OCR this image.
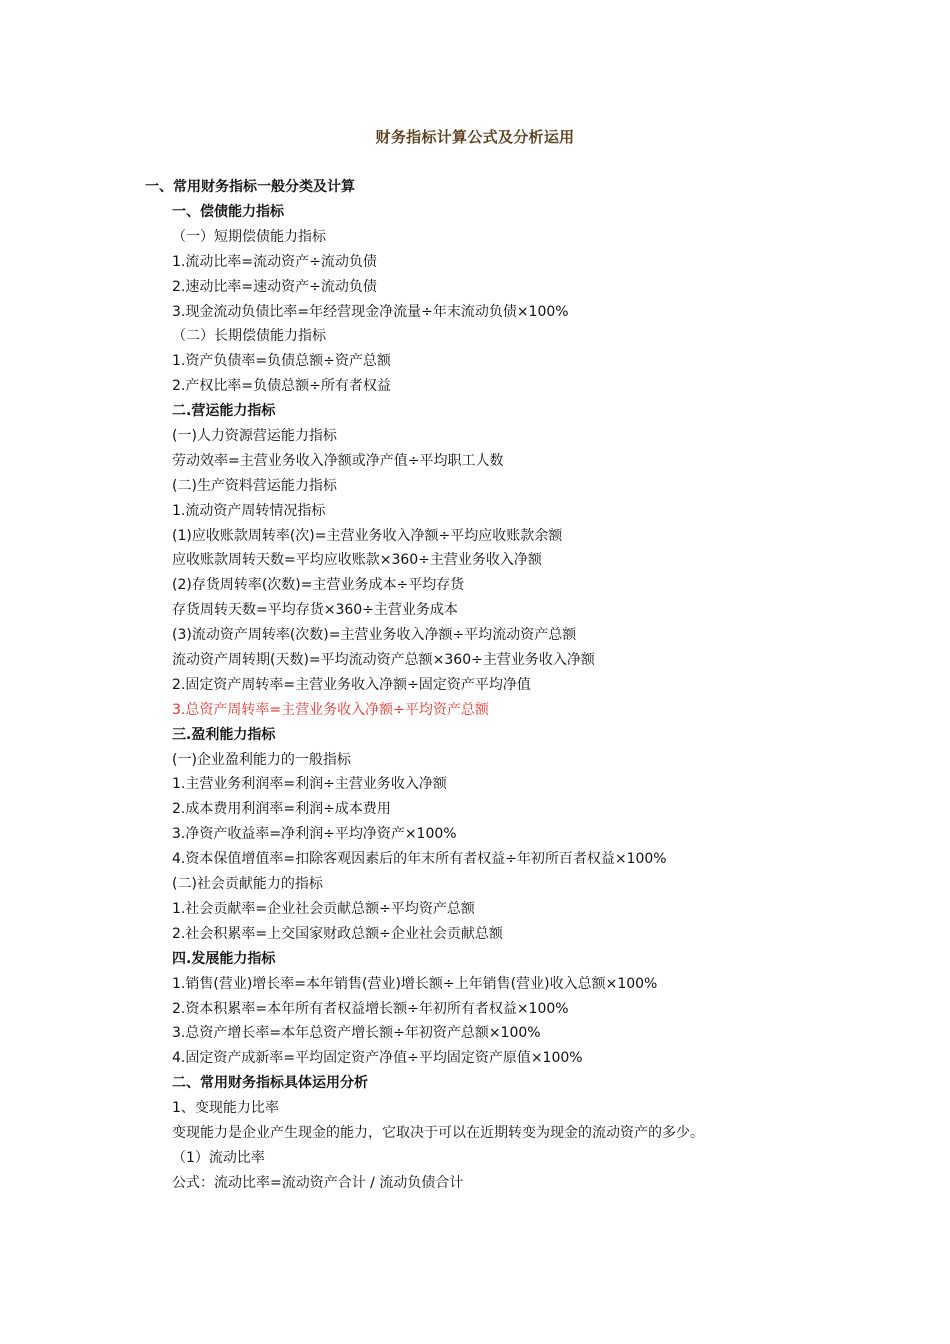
财务指标计算公式及分析运用
一、常用财务指标一般分类及计算
一、偿债能力指标
（一）短期偿债能力指标
1.流动比率=流动资产÷流动负债
2.速动比率=速动资产÷流动负债
3.现金流动负债比率=年经营现金净流量÷年末流动负债×100%
（二）长期偿债能力指标
1.资产负债率=负债总额÷资产总额
2.产权比率=负债总额÷所有者权益
二.营运能力指标
(一)人力资源营运能力指标
劳动效率=主营业务收入净额或净产值÷平均职工人数
(二)生产资料营运能力指标
1.流动资产周转情况指标
(1)应收账款周转率(次)=主营业务收入净额÷平均应收账款余额
应收账款周转天数=平均应收账款×360÷主营业务收入净额
(2)存货周转率(次数)=主营业务成本÷平均存货
存货周转天数=平均存货×360÷主营业务成本
(3)流动资产周转率(次数)=主营业务收入净额÷平均流动资产总额
流动资产周转期(天数)=平均流动资产总额×360÷主营业务收入净额
2.固定资产周转率=主营业务收入净额÷固定资产平均净值
3.总资产周转率=主营业务收入净额÷平均资产总额
三.盈利能力指标
(一)企业盈利能力的一般指标
1.主营业务利润率=利润÷主营业务收入净额
2.成本费用利润率=利润÷成本费用
3.净资产收益率=净利润÷平均净资产×100%
4.资本保值增值率=扣除客观因素后的年末所有者权益÷年初所百者权益×100%
(二)社会贡献能力的指标
1.社会贡献率=企业社会贡献总额÷平均资产总额
2.社会积累率=上交国家财政总额÷企业社会贡献总额
四.发展能力指标
1.销售(营业)增长率=本年销售(营业)增长额÷上年销售(营业)收入总额×100%
2.资本积累率=本年所有者权益增长额÷年初所有者权益×100%
3.总资产增长率=本年总资产增长额÷年初资产总额×100%
4.固定资产成新率=平均固定资产净值÷平均固定资产原值×100%
二、常用财务指标具体运用分析
1、变现能力比率
变现能力是企业产生现金的能力，它取决于可以在近期转变为现金的流动资产的多少。
（1）流动比率
公式：流动比率=流动资产合计 / 流动负债合计
